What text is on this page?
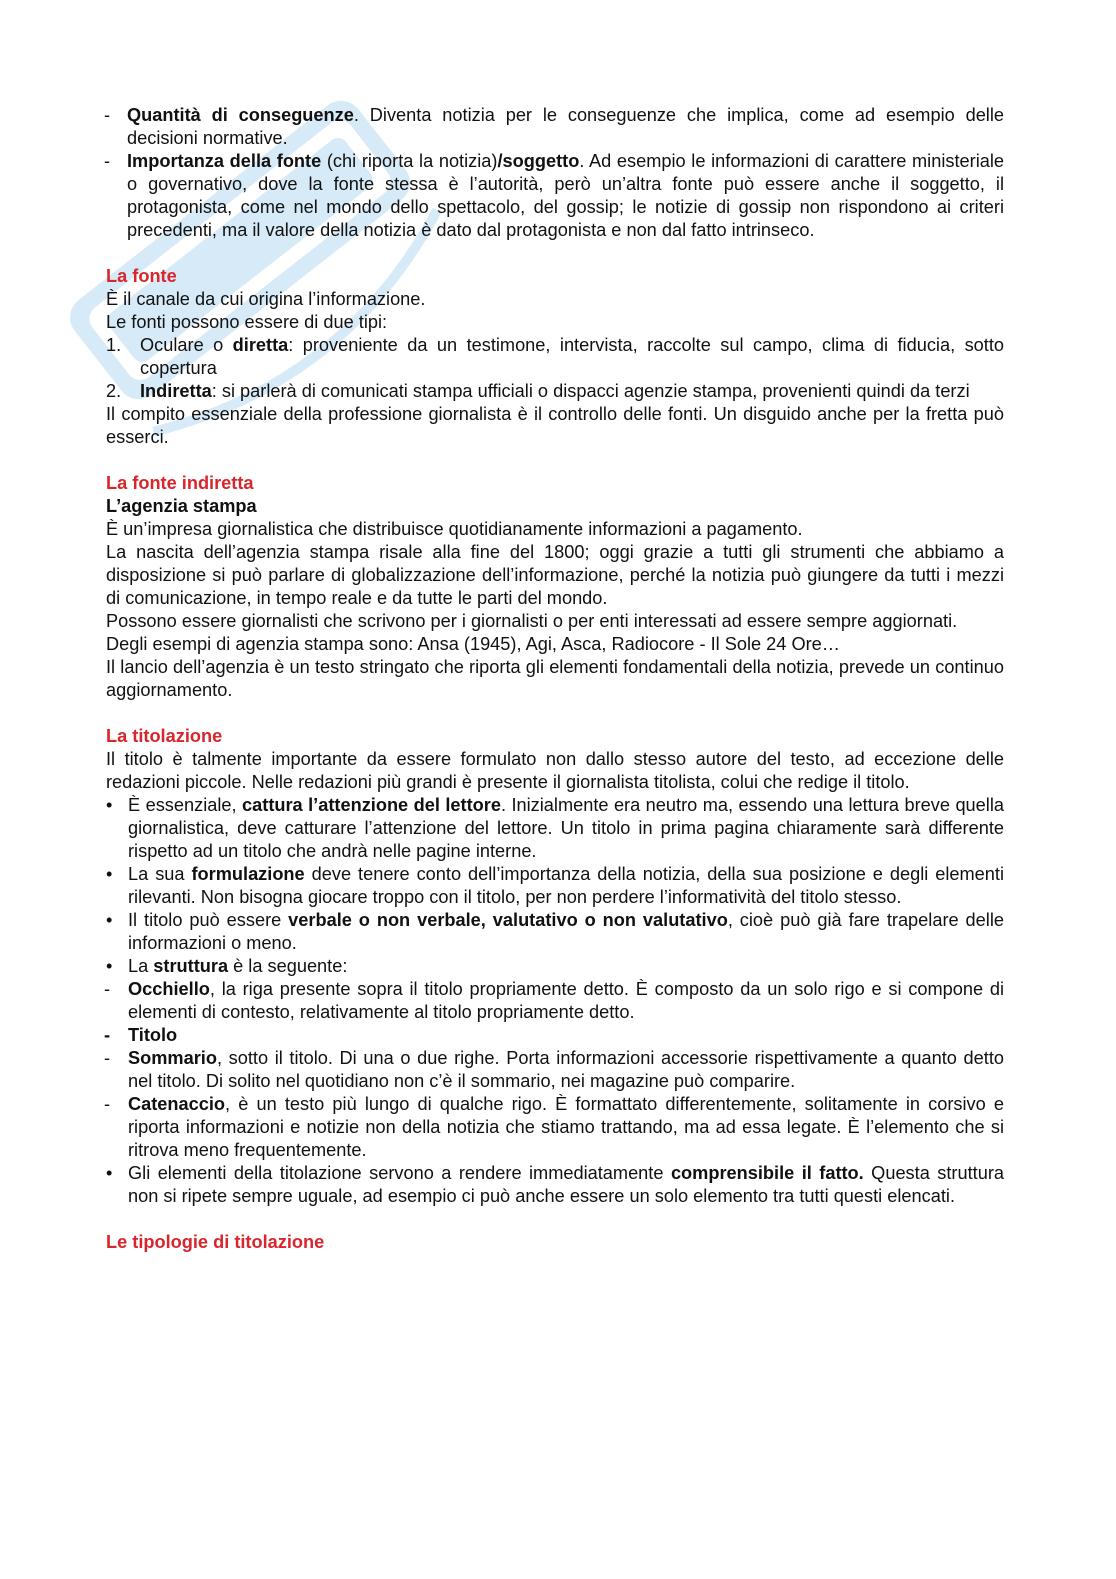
- Quantità di conseguenze. Diventa notizia per le conseguenze che implica, come ad esempio delle decisioni normative.

- Importanza della fonte (chi riporta la notizia)/soggetto. Ad esempio le informazioni di carattere ministeriale o governativo, dove la fonte stessa è l’autorità, però un’altra fonte può essere anche il soggetto, il protagonista, come nel mondo dello spettacolo, del gossip; le notizie di gossip non rispondono ai criteri precedenti, ma il valore della notizia è dato dal protagonista e non dal fatto intrinseco.

La fonte

È il canale da cui origina l’informazione.

Le fonti possono essere di due tipi:

1. Oculare o diretta: proveniente da un testimone, intervista, raccolte sul campo, clima di fiducia, sotto copertura

2. Indiretta: si parlerà di comunicati stampa ufficiali o dispacci agenzie stampa, provenienti quindi da terzi

Il compito essenziale della professione giornalista è il controllo delle fonti. Un disguido anche per la fretta può esserci.

La fonte indiretta
L’agenzia stampa

È un’impresa giornalistica che distribuisce quotidianamente informazioni a pagamento.

La nascita dell’agenzia stampa risale alla fine del 1800; oggi grazie a tutti gli strumenti che abbiamo a disposizione si può parlare di globalizzazione dell’informazione, perché la notizia può giungere da tutti i mezzi di comunicazione, in tempo reale e da tutte le parti del mondo.

Possono essere giornalisti che scrivono per i giornalisti o per enti interessati ad essere sempre aggiornati.

Degli esempi di agenzia stampa sono: Ansa (1945), Agi, Asca, Radiocore - Il Sole 24 Ore…

Il lancio dell’agenzia è un testo stringato che riporta gli elementi fondamentali della notizia, prevede un continuo aggiornamento.

La titolazione

Il titolo è talmente importante da essere formulato non dallo stesso autore del testo, ad eccezione delle redazioni piccole. Nelle redazioni più grandi è presente il giornalista titolista, colui che redige il titolo.

• È essenziale, cattura l’attenzione del lettore. Inizialmente era neutro ma, essendo una lettura breve quella giornalistica, deve catturare l’attenzione del lettore. Un titolo in prima pagina chiaramente sarà differente rispetto ad un titolo che andrà nelle pagine interne.

• La sua formulazione deve tenere conto dell’importanza della notizia, della sua posizione e degli elementi rilevanti. Non bisogna giocare troppo con il titolo, per non perdere l’informatività del titolo stesso.

• Il titolo può essere verbale o non verbale, valutativo o non valutativo, cioè può già fare trapelare delle informazioni o meno.

• La struttura è la seguente:

- Occhiello, la riga presente sopra il titolo propriamente detto. È composto da un solo rigo e si compone di elementi di contesto, relativamente al titolo propriamente detto.

- Titolo

- Sommario, sotto il titolo. Di una o due righe. Porta informazioni accessorie rispettivamente a quanto detto nel titolo. Di solito nel quotidiano non c’è il sommario, nei magazine può comparire.

- Catenaccio, è un testo più lungo di qualche rigo. È formattato differentemente, solitamente in corsivo e riporta informazioni e notizie non della notizia che stiamo trattando, ma ad essa legate. È l’elemento che si ritrova meno frequentemente.

• Gli elementi della titolazione servono a rendere immediatamente comprensibile il fatto. Questa struttura non si ripete sempre uguale, ad esempio ci può anche essere un solo elemento tra tutti questi elencati.

Le tipologie di titolazione
